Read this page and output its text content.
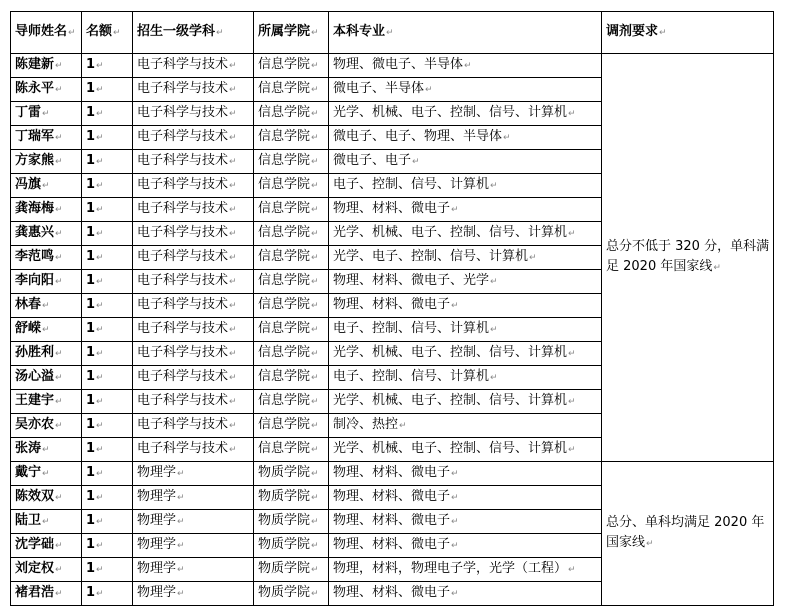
导师姓名↵	名额↵	招生一级学科↵	所属学院↵	本科专业↵	调剂要求↵
陈建新↵	1↵	电子科学与技术↵	信息学院↵	物理、微电子、半导体↵	总分不低于 320 分，单科满足 2020 年国家线↵
陈永平↵	1↵	电子科学与技术↵	信息学院↵	微电子、半导体↵	
丁雷↵	1↵	电子科学与技术↵	信息学院↵	光学、机械、电子、控制、信号、计算机↵	
丁瑞军↵	1↵	电子科学与技术↵	信息学院↵	微电子、电子、物理、半导体↵	
方家熊↵	1↵	电子科学与技术↵	信息学院↵	微电子、电子↵	
冯旗↵	1↵	电子科学与技术↵	信息学院↵	电子、控制、信号、计算机↵	
龚海梅↵	1↵	电子科学与技术↵	信息学院↵	物理、材料、微电子↵	
龚惠兴↵	1↵	电子科学与技术↵	信息学院↵	光学、机械、电子、控制、信号、计算机↵	
李范鸣↵	1↵	电子科学与技术↵	信息学院↵	光学、电子、控制、信号、计算机↵	
李向阳↵	1↵	电子科学与技术↵	信息学院↵	物理、材料、微电子、光学↵	
林春↵	1↵	电子科学与技术↵	信息学院↵	物理、材料、微电子↵	
舒嵘↵	1↵	电子科学与技术↵	信息学院↵	电子、控制、信号、计算机↵	
孙胜利↵	1↵	电子科学与技术↵	信息学院↵	光学、机械、电子、控制、信号、计算机↵	
汤心溢↵	1↵	电子科学与技术↵	信息学院↵	电子、控制、信号、计算机↵	
王建宇↵	1↵	电子科学与技术↵	信息学院↵	光学、机械、电子、控制、信号、计算机↵	
吴亦农↵	1↵	电子科学与技术↵	信息学院↵	制冷、热控↵	
张涛↵	1↵	电子科学与技术↵	信息学院↵	光学、机械、电子、控制、信号、计算机↵	
戴宁↵	1↵	物理学↵	物质学院↵	物理、材料、微电子↵	总分、单科均满足 2020 年国家线↵
陈效双↵	1↵	物理学↵	物质学院↵	物理、材料、微电子↵	
陆卫↵	1↵	物理学↵	物质学院↵	物理、材料、微电子↵	
沈学础↵	1↵	物理学↵	物质学院↵	物理、材料、微电子↵	
刘定权↵	1↵	物理学↵	物质学院↵	物理，材料，物理电子学，光学（工程）↵	
褚君浩↵	1↵	物理学↵	物质学院↵	物理、材料、微电子↵	
